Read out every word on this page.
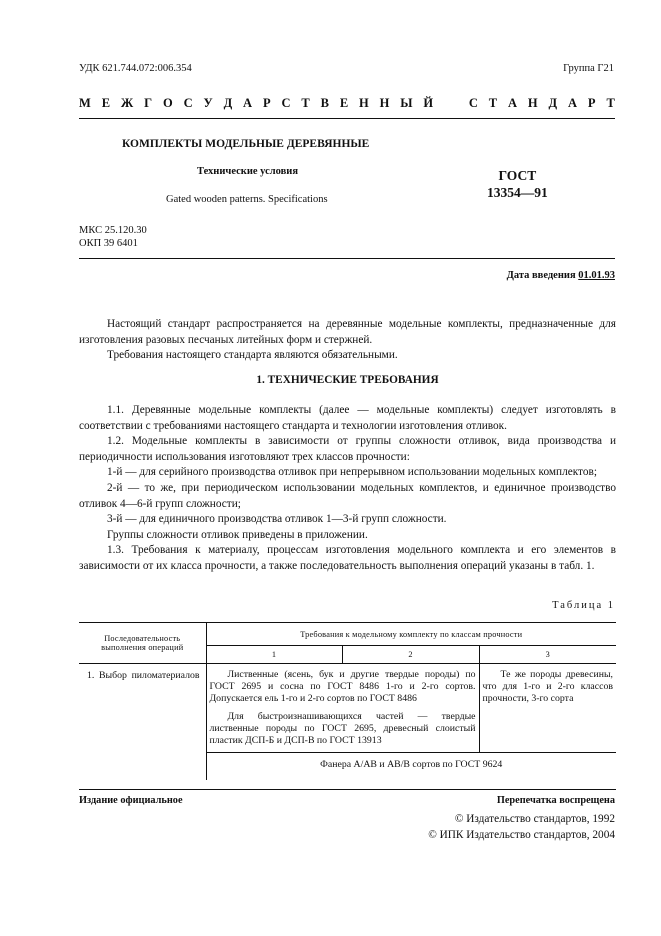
УДК 621.744.072:006.354	Группа Г21
М Е Ж Г О С У Д А Р С Т В Е Н Н Ы Й
	С Т А Н Д А Р Т
КОМПЛЕКТЫ МОДЕЛЬНЫЕ ДЕРЕВЯННЫЕ
Технические условия
Gated wooden patterns. Specifications
ГОСТ
13354—91
МКС 25.120.30
ОКП 39 6401
Дата введения 01.01.93

Настоящий стандарт распространяется на деревянные модельные комплекты, предназначенные для изготовления разовых песчаных литейных форм и стержней.

Требования настоящего стандарта являются обязательными.

1. ТЕХНИЧЕСКИЕ ТРЕБОВАНИЯ

1.1. Деревянные модельные комплекты (далее — модельные комплекты) следует изготовлять в соответствии с требованиями настоящего стандарта и технологии изготовления отливок.

1.2. Модельные комплекты в зависимости от группы сложности отливок, вида производства и периодичности использования изготовляют трех классов прочности:

1-й — для серийного производства отливок при непрерывном использовании модельных комплектов;

2-й — то же, при периодическом использовании модельных комплектов, и единичное производство отливок 4—6-й групп сложности;

3-й — для единичного производства отливок 1—3-й групп сложности.

Группы сложности отливок приведены в приложении.

1.3. Требования к материалу, процессам изготовления модельного комплекта и его элементов в зависимости от их класса прочности, а также последовательность выполнения операций указаны в табл. 1.

Таблица 1
Последовательность выполнения операций	Требования к модельному комплекту по классам прочности		
	1	2	3

1. Выбор пиломатериалов	Лиственные (ясень, бук и другие твердые породы) по ГОСТ 2695 и сосна по ГОСТ 8486 1-го и 2-го сортов. Допускается ель 1-го и 2-го сортов по ГОСТ 8486

Для быстроизнашивающихся частей — твердые лиственные породы по ГОСТ 2695, древесный слоистый пластик ДСП-Б и ДСП-В по ГОСТ 13913		Те же породы древесины, что для 1-го и 2-го классов прочности, 3-го сорта

	Фанера А/АВ и АВ/В сортов по ГОСТ 9624		
Издание официальное	Перепечатка воспрещена
© Издательство стандартов, 1992
© ИПК Издательство стандартов, 2004
